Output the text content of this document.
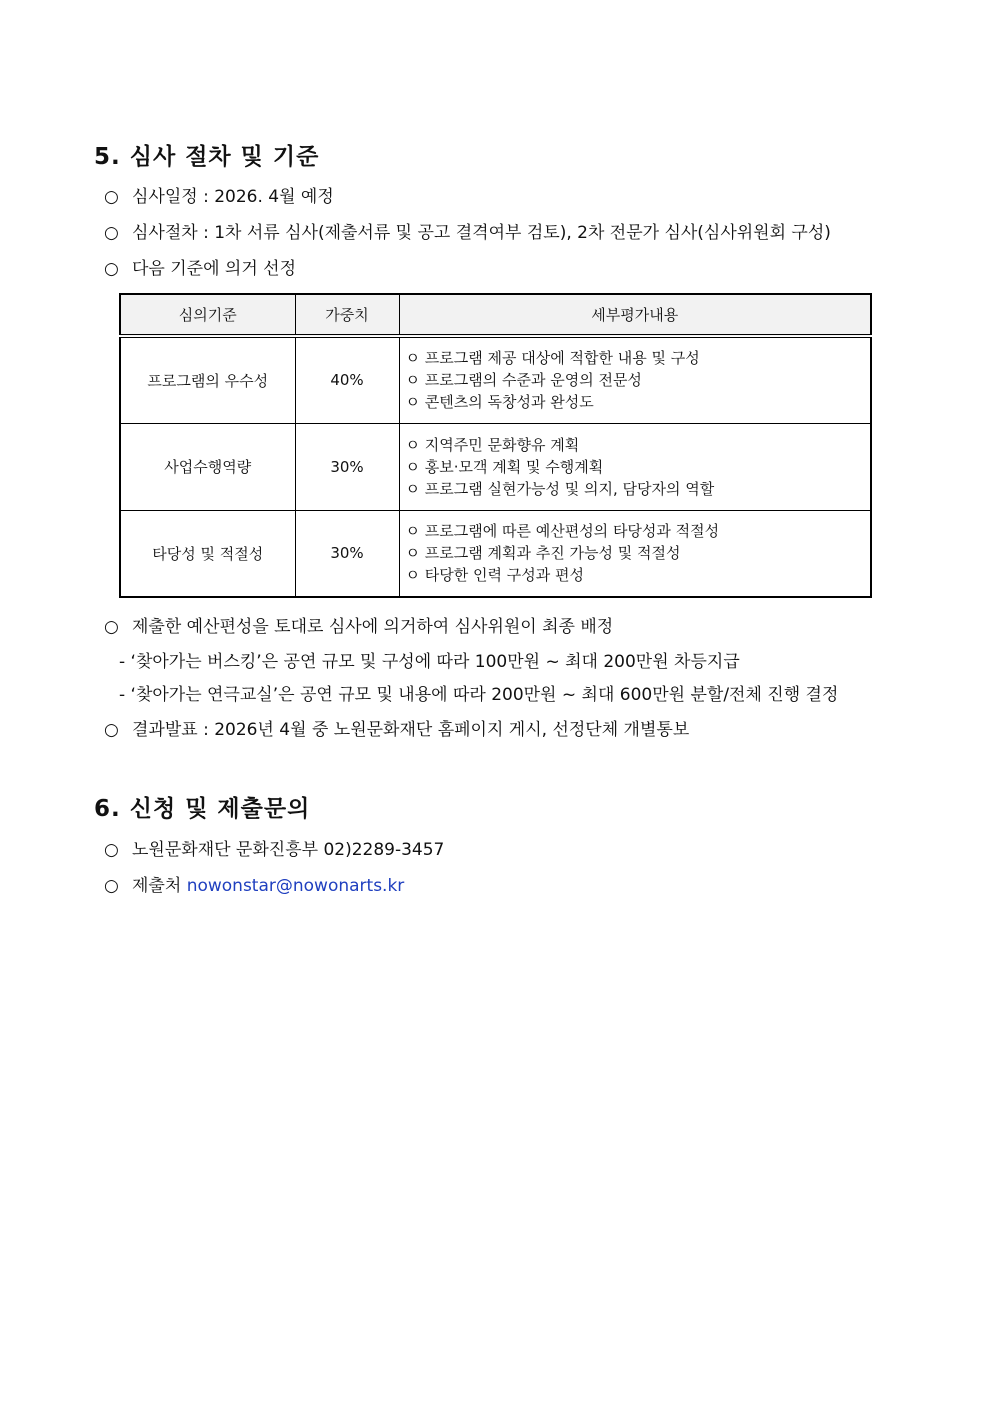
5. 심사 절차 및 기준
○ 심사일정 : 2026. 4월 예정
○ 심사절차 : 1차 서류 심사(제출서류 및 공고 결격여부 검토), 2차 전문가 심사(심사위원회 구성)
○ 다음 기준에 의거 선정
심의기준	가중치	세부평가내용
프로그램의 우수성	40%	ㅇ 프로그램 제공 대상에 적합한 내용 및 구성
ㅇ 프로그램의 수준과 운영의 전문성
ㅇ 콘텐츠의 독창성과 완성도

사업수행역량	30%	ㅇ 지역주민 문화향유 계획
ㅇ 홍보·모객 계획 및 수행계획
ㅇ 프로그램 실현가능성 및 의지, 담당자의 역할

타당성 및 적절성	30%	ㅇ 프로그램에 따른 예산편성의 타당성과 적절성
ㅇ 프로그램 계획과 추진 가능성 및 적절성
ㅇ 타당한 인력 구성과 편성
○ 제출한 예산편성을 토대로 심사에 의거하여 심사위원이 최종 배정
- ‘찾아가는 버스킹’은 공연 규모 및 구성에 따라 100만원 ~ 최대 200만원 차등지급
- ‘찾아가는 연극교실’은 공연 규모 및 내용에 따라 200만원 ~ 최대 600만원 분할/전체 진행 결정
○ 결과발표 : 2026년 4월 중 노원문화재단 홈페이지 게시, 선정단체 개별통보
6. 신청 및 제출문의
○ 노원문화재단 문화진흥부 02)2289-3457
○ 제출처 nowonstar@nowonarts.kr
